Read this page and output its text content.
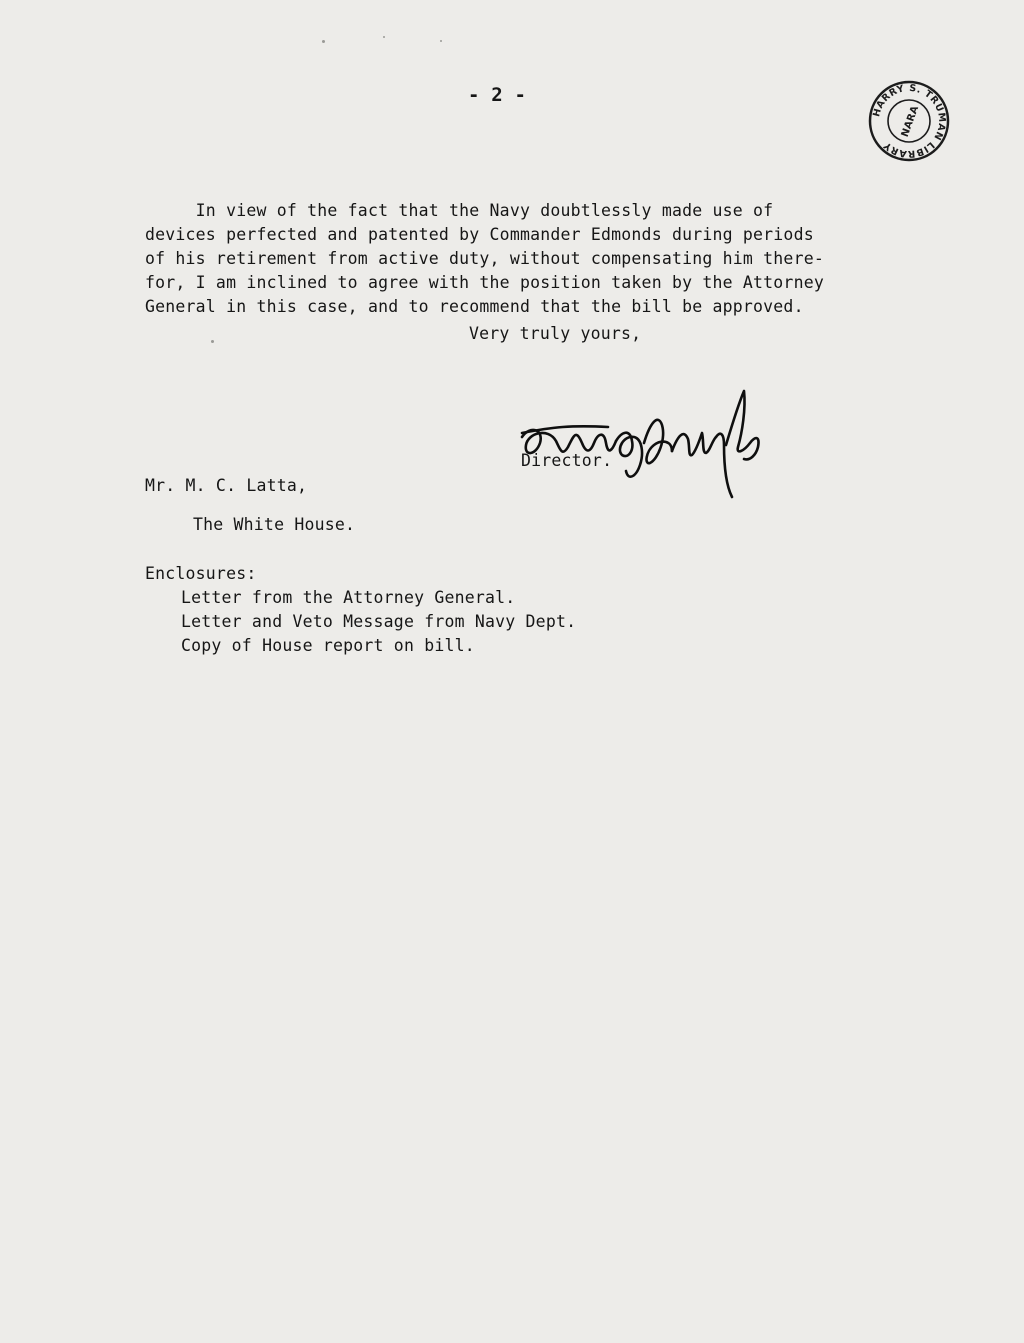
- 2 -
HARRY S. TRUMAN LIBRARY
NARA
In view of the fact that the Navy doubtlessly made use of
devices perfected and patented by Commander Edmonds during periods
of his retirement from active duty, without compensating him there-
for, I am inclined to agree with the position taken by the Attorney
General in this case, and to recommend that the bill be approved.
Very truly yours,
Director.
Mr. M. C. Latta,
The White House.
Enclosures:
Letter from the Attorney General.
Letter and Veto Message from Navy Dept.
Copy of House report on bill.
